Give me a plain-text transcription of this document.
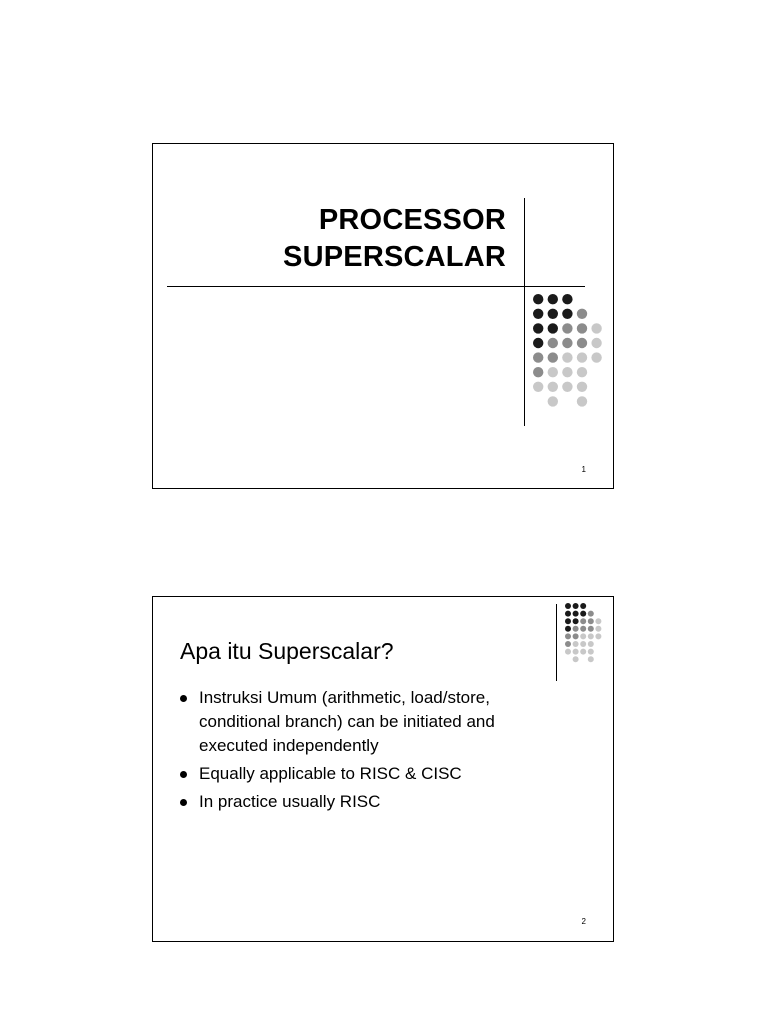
PROCESSOR
SUPERSCALAR
1
Apa itu Superscalar?
Instruksi Umum (arithmetic, load/store, conditional branch) can be initiated and executed independently
Equally applicable to RISC & CISC
In practice usually RISC
2
